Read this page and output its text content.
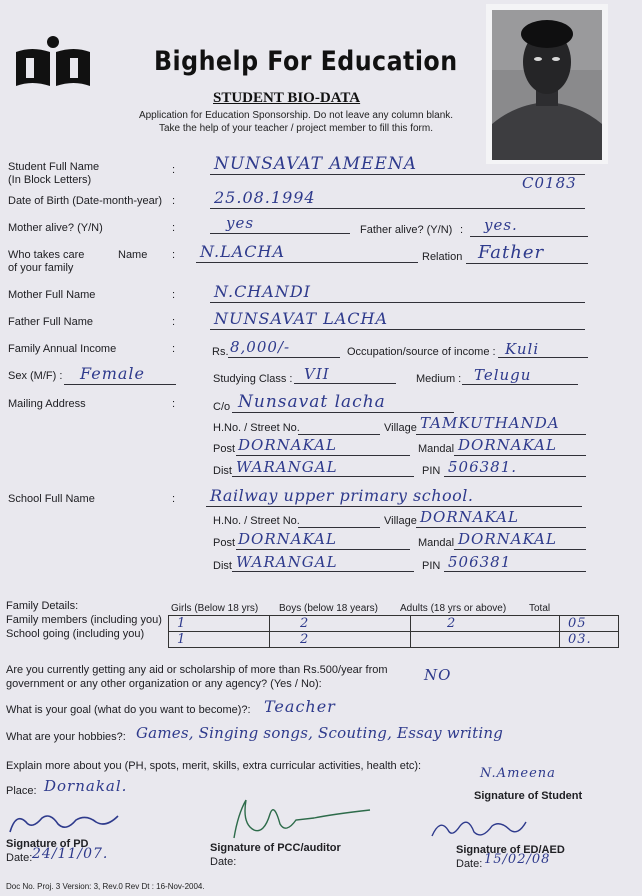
Bighelp For Education
STUDENT BIO-DATA
Application for Education Sponsorship. Do not leave any column blank.
Take the help of your teacher / project member to fill this form.
Student Full Name
(In Block Letters)
: NUNSAVAT AMEENA
C0183
Date of Birth (Date-month-year) : 25.08.1994
Mother alive? (Y/N)	:	yes	Father alive? (Y/N) : yes.
Who takes care
of your family
Name : N.LACHA	Relation Father
Mother Full Name	: N.CHANDI
Father Full Name	: NUNSAVAT LACHA
Family Annual Income	:	Rs. 8,000/-	Occupation/source of income : Kuli
Sex (M/F) : Female	Studying Class : VII	Medium : Telugu
Mailing Address	:	C/o Nunsavat lacha
H.No. / Street No.	Village TAMKUTHANDA
Post DORNAKAL	Mandal DORNAKAL
Dist WARANGAL	PIN 506381.
School Full Name	: Railway upper primary school.
H.No. / Street No.	Village DORNAKAL
Post DORNAKAL	Mandal DORNAKAL
Dist WARANGAL	PIN 506381
Family Details:
Family members (including you)
School going (including you)
Girls (Below 18 yrs) Boys (below 18 years) Adults (18 yrs or above) Total
1	2	2	05
1	2		03.
Are you currently getting any aid or scholarship of more than Rs.500/year from
government or any other organization or any agency? (Yes / No):	NO
What is your goal (what do you want to become)?: Teacher
What are your hobbies?: Games, Singing songs, Scouting, Essay writing
Explain more about you (PH, spots, merit, skills, extra curricular activities, health etc):
Place: Dornakal.
N.Ameena
Signature of Student
Signature of PD
Date: 24/11/07.	Signature of PCC/auditor
Date:
Signature of ED/AED
Date: 15/02/08
Doc No. Proj. 3 Version: 3, Rev.0 Rev Dt : 16-Nov-2004.
